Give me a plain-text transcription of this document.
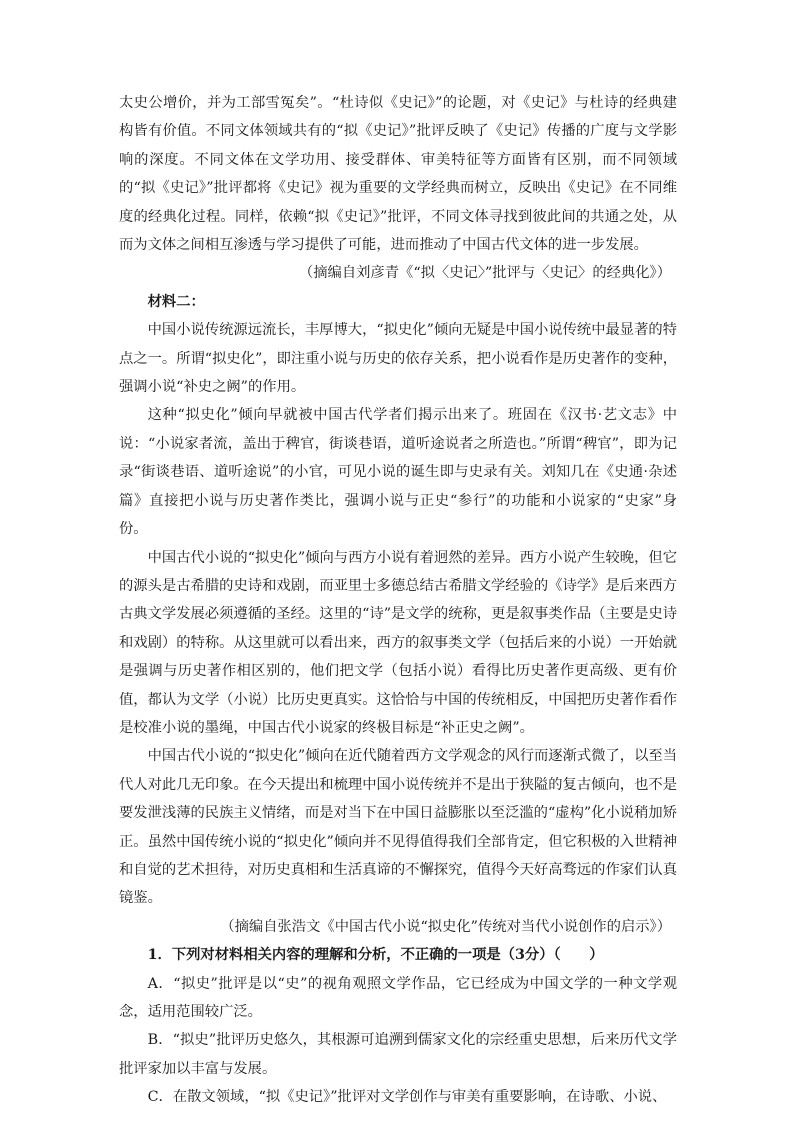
太史公增价，并为工部雪冤矣”。“杜诗似《史记》”的论题，对《史记》与杜诗的经典建构皆有价值。不同文体领域共有的“拟《史记》”批评反映了《史记》传播的广度与文学影响的深度。不同文体在文学功用、接受群体、审美特征等方面皆有区别，而不同领域的“拟《史记》”批评都将《史记》视为重要的文学经典而树立，反映出《史记》在不同维度的经典化过程。同样，依赖“拟《史记》”批评，不同文体寻找到彼此间的共通之处，从而为文体之间相互渗透与学习提供了可能，进而推动了中国古代文体的进一步发展。

（摘编自刘彦青《“拟〈史记〉”批评与〈史记〉的经典化》）

材料二：

中国小说传统源远流长，丰厚博大，“拟史化”倾向无疑是中国小说传统中最显著的特点之一。所谓“拟史化”，即注重小说与历史的依存关系，把小说看作是历史著作的变种，强调小说“补史之阙”的作用。

这种“拟史化”倾向早就被中国古代学者们揭示出来了。班固在《汉书·艺文志》中说：“小说家者流，盖出于稗官，街谈巷语，道听途说者之所造也。”所谓“稗官”，即为记录“街谈巷语、道听途说”的小官，可见小说的诞生即与史录有关。刘知几在《史通·杂述篇》直接把小说与历史著作类比，强调小说与正史“参行”的功能和小说家的“史家”身份。

中国古代小说的“拟史化”倾向与西方小说有着迥然的差异。西方小说产生较晚，但它的源头是古希腊的史诗和戏剧，而亚里士多德总结古希腊文学经验的《诗学》是后来西方古典文学发展必须遵循的圣经。这里的“诗”是文学的统称，更是叙事类作品（主要是史诗和戏剧）的特称。从这里就可以看出来，西方的叙事类文学（包括后来的小说）一开始就是强调与历史著作相区别的，他们把文学（包括小说）看得比历史著作更高级、更有价值，都认为文学（小说）比历史更真实。这恰恰与中国的传统相反，中国把历史著作看作是校准小说的墨绳，中国古代小说家的终极目标是“补正史之阙”。

中国古代小说的“拟史化”倾向在近代随着西方文学观念的风行而逐渐式微了，以至当代人对此几无印象。在今天提出和梳理中国小说传统并不是出于狭隘的复古倾向，也不是要发泄浅薄的民族主义情绪，而是对当下在中国日益膨胀以至泛滥的“虚构”化小说稍加矫正。虽然中国传统小说的“拟史化”倾向并不见得值得我们全部肯定，但它积极的入世精神和自觉的艺术担待，对历史真相和生活真谛的不懈探究，值得今天好高骛远的作家们认真镜鉴。

（摘编自张浩文《中国古代小说“拟史化”传统对当代小说创作的启示》）

1．下列对材料相关内容的理解和分析，不正确的一项是（3分）（　　）

A．“拟史”批评是以“史”的视角观照文学作品，它已经成为中国文学的一种文学观念，适用范围较广泛。

B．“拟史”批评历史悠久，其根源可追溯到儒家文化的宗经重史思想，后来历代文学批评家加以丰富与发展。

C．在散文领域，“拟《史记》”批评对文学创作与审美有重要影响，在诗歌、小说、
